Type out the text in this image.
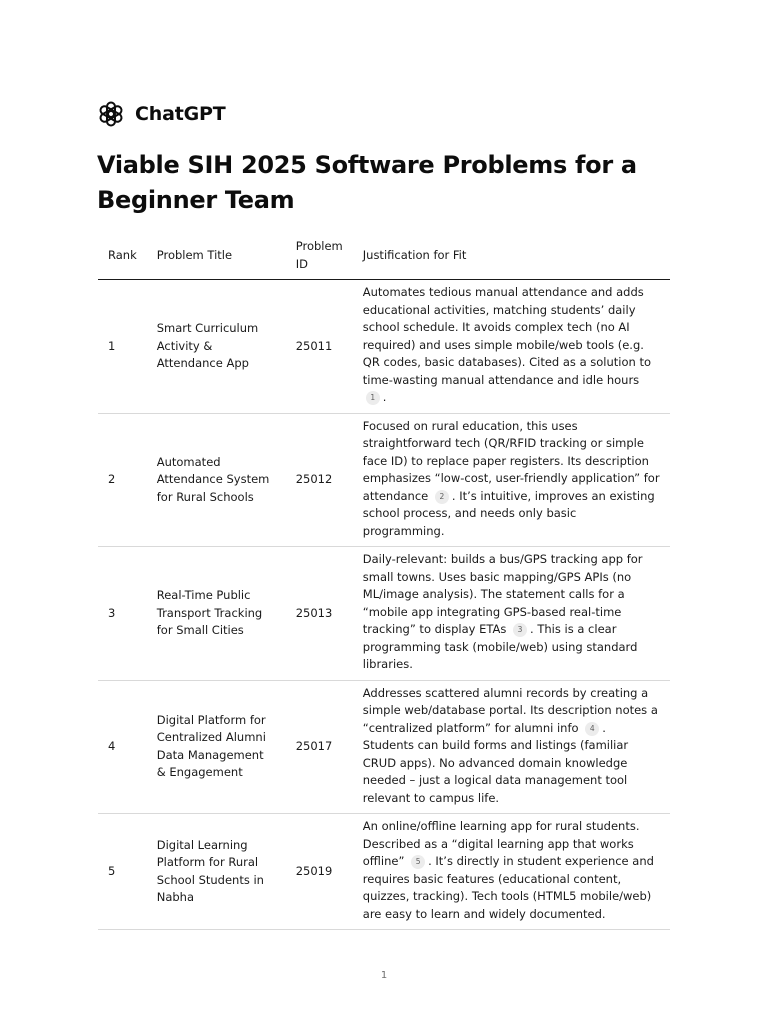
ChatGPT
Viable SIH 2025 Software Problems for a Beginner Team
Rank	Problem Title	Problem ID	Justification for Fit
1	Smart Curriculum Activity & Attendance App	25011	Automates tedious manual attendance and adds educational activities, matching students’ daily school schedule. It avoids complex tech (no AI required) and uses simple mobile/web tools (e.g. QR codes, basic databases). Cited as a solution to time-wasting manual attendance and idle hours 1 .
2	Automated Attendance System for Rural Schools	25012	Focused on rural education, this uses straightforward tech (QR/RFID tracking or simple face ID) to replace paper registers. Its description emphasizes “low-cost, user-friendly application” for attendance 2 . It’s intuitive, improves an existing school process, and needs only basic programming.
3	Real-Time Public Transport Tracking for Small Cities	25013	Daily-relevant: builds a bus/GPS tracking app for small towns. Uses basic mapping/GPS APIs (no ML/image analysis). The statement calls for a “mobile app integrating GPS-based real-time tracking” to display ETAs 3 . This is a clear programming task (mobile/web) using standard libraries.
4	Digital Platform for Centralized Alumni Data Management & Engagement	25017	Addresses scattered alumni records by creating a simple web/database portal. Its description notes a “centralized platform” for alumni info 4 . Students can build forms and listings (familiar CRUD apps). No advanced domain knowledge needed – just a logical data management tool relevant to campus life.
5	Digital Learning Platform for Rural School Students in Nabha	25019	An online/offline learning app for rural students. Described as a “digital learning app that works offline” 5 . It’s directly in student experience and requires basic features (educational content, quizzes, tracking). Tech tools (HTML5 mobile/web) are easy to learn and widely documented.
1
